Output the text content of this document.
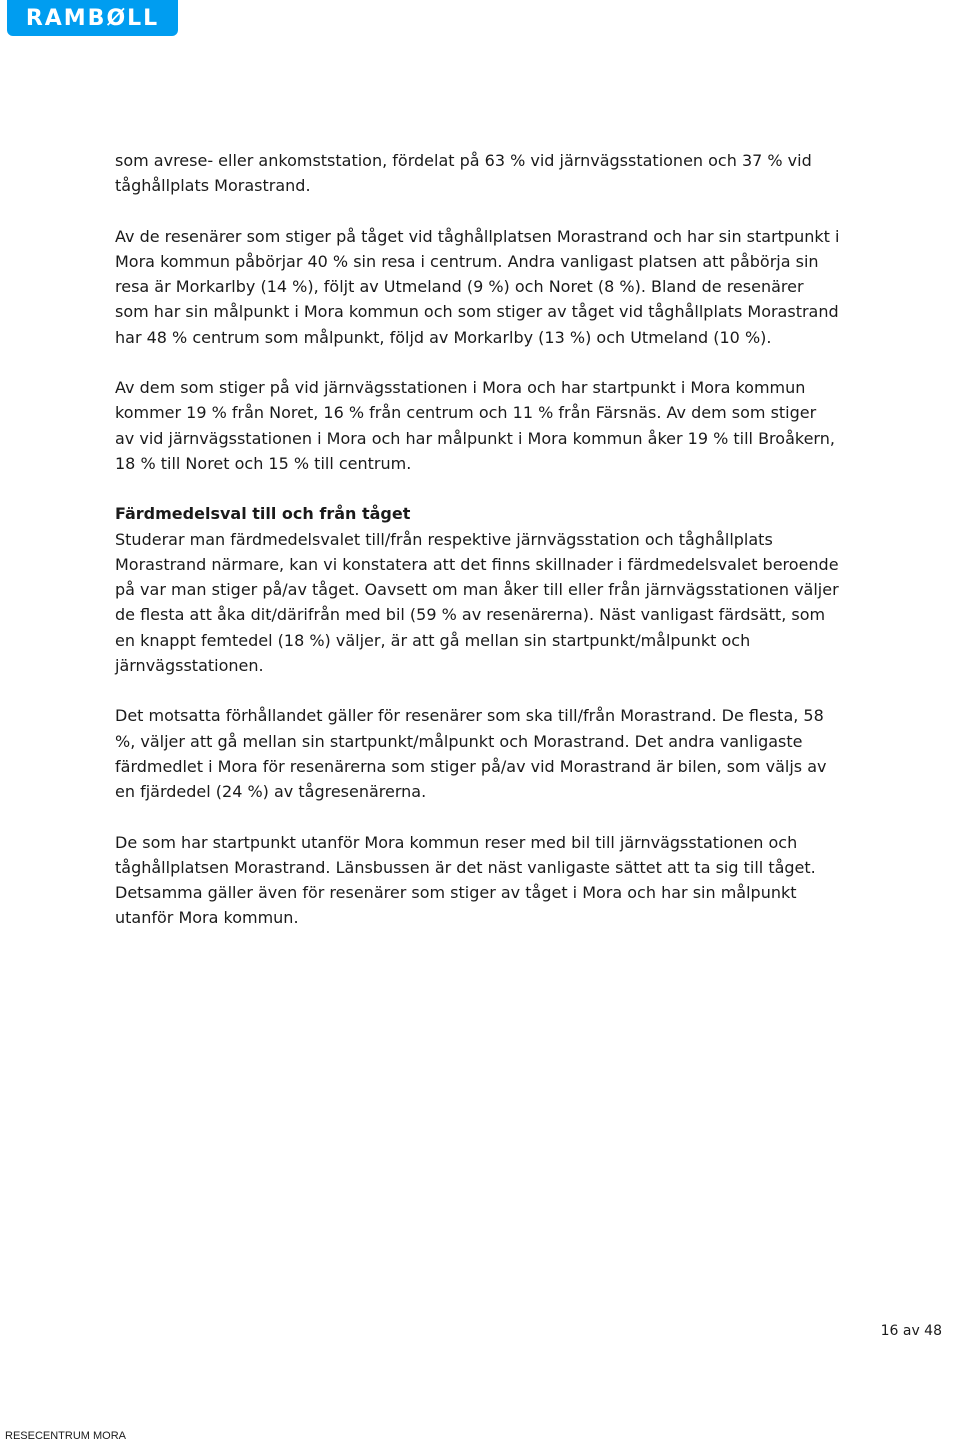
RAMBØLL

som avrese- eller ankomststation, fördelat på 63 % vid järnvägsstationen och 37 % vid tåghållplats Morastrand.

Av de resenärer som stiger på tåget vid tåghållplatsen Morastrand och har sin startpunkt i Mora kommun påbörjar 40 % sin resa i centrum. Andra vanligast platsen att påbörja sin resa är Morkarlby (14 %), följt av Utmeland (9 %) och Noret (8 %). Bland de resenärer som har sin målpunkt i Mora kommun och som stiger av tåget vid tåghållplats Morastrand har 48 % centrum som målpunkt, följd av Morkarlby (13 %) och Utmeland (10 %).

Av dem som stiger på vid järnvägsstationen i Mora och har startpunkt i Mora kommun kommer 19 % från Noret, 16 % från centrum och 11 % från Färsnäs. Av dem som stiger av vid järnvägsstationen i Mora och har målpunkt i Mora kommun åker 19 % till Broåkern, 18 % till Noret och 15 % till centrum.

Färdmedelsval till och från tåget

Studerar man färdmedelsvalet till/från respektive järnvägsstation och tåghållplats Morastrand närmare, kan vi konstatera att det finns skillnader i färdmedelsvalet beroende på var man stiger på/av tåget. Oavsett om man åker till eller från järnvägsstationen väljer de flesta att åka dit/därifrån med bil (59 % av resenärerna). Näst vanligast färdsätt, som en knappt femtedel (18 %) väljer, är att gå mellan sin startpunkt/målpunkt och järnvägsstationen.

Det motsatta förhållandet gäller för resenärer som ska till/från Morastrand. De flesta, 58 %, väljer att gå mellan sin startpunkt/målpunkt och Morastrand. Det andra vanligaste färdmedlet i Mora för resenärerna som stiger på/av vid Morastrand är bilen, som väljs av en fjärdedel (24 %) av tågresenärerna.

De som har startpunkt utanför Mora kommun reser med bil till järnvägsstationen och tåghållplatsen Morastrand. Länsbussen är det näst vanligaste sättet att ta sig till tåget. Detsamma gäller även för resenärer som stiger av tåget i Mora och har sin målpunkt utanför Mora kommun.

16 av 48
RESECENTRUM MORA
